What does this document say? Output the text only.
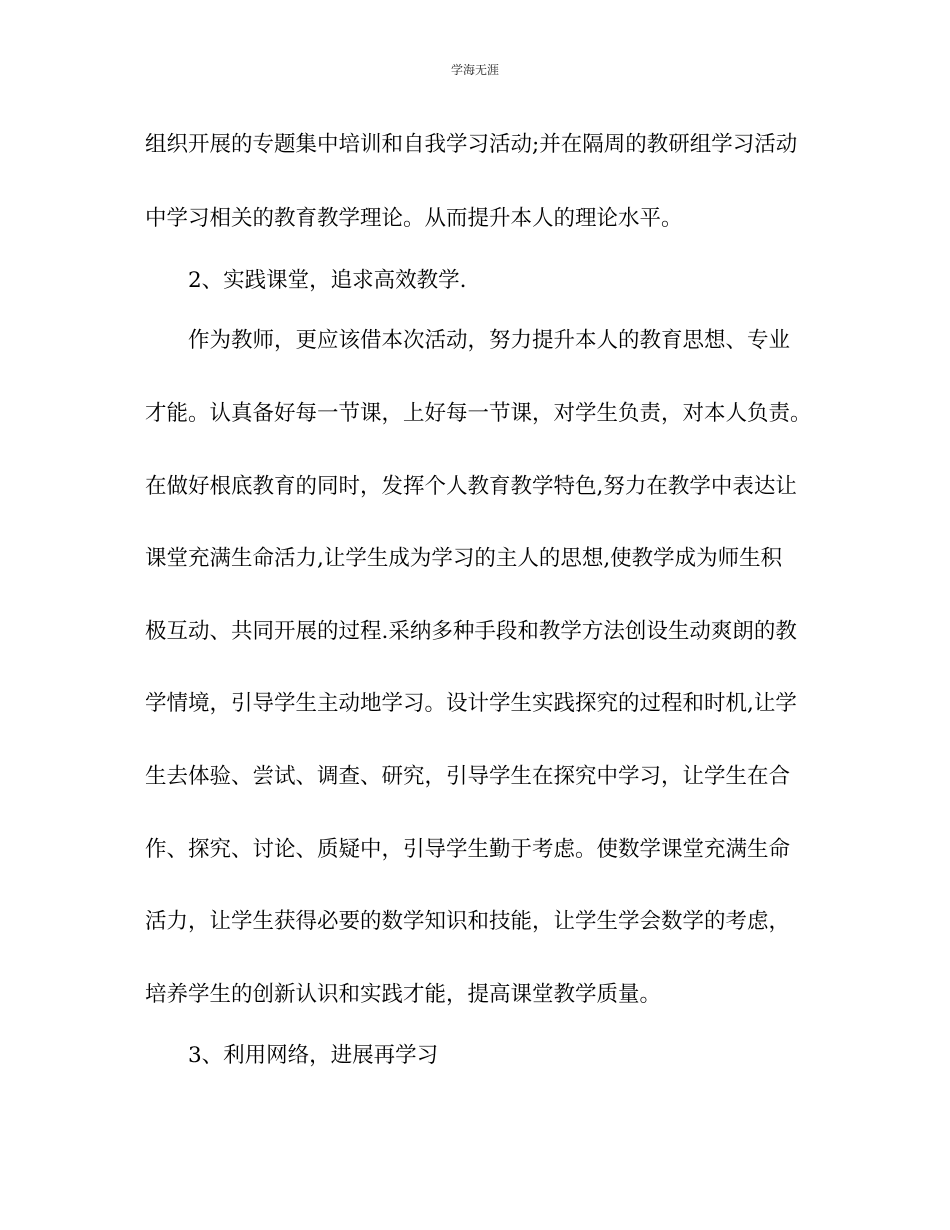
学海无涯
组织开展的专题集中培训和自我学习活动;并在隔周的教研组学习活动
中学习相关的教育教学理论。从而提升本人的理论水平。
2、实践课堂，追求高效教学.
作为教师，更应该借本次活动，努力提升本人的教育思想、专业
才能。认真备好每一节课，上好每一节课，对学生负责，对本人负责。
在做好根底教育的同时，发挥个人教育教学特色,努力在教学中表达让
课堂充满生命活力,让学生成为学习的主人的思想,使教学成为师生积
极互动、共同开展的过程.采纳多种手段和教学方法创设生动爽朗的教
学情境，引导学生主动地学习。设计学生实践探究的过程和时机,让学
生去体验、尝试、调查、研究，引导学生在探究中学习，让学生在合
作、探究、讨论、质疑中，引导学生勤于考虑。使数学课堂充满生命
活力，让学生获得必要的数学知识和技能，让学生学会数学的考虑，
培养学生的创新认识和实践才能，提高课堂教学质量。
3、利用网络，进展再学习
